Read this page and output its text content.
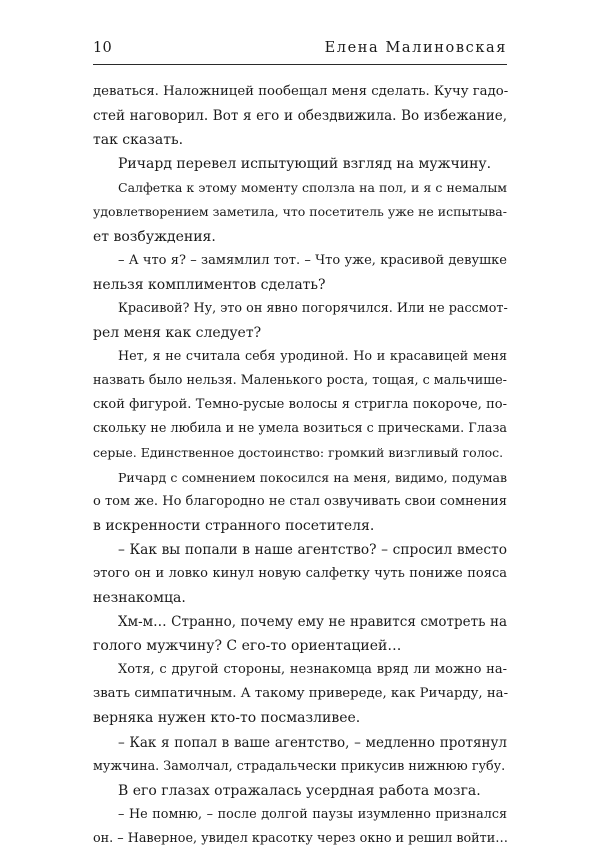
10	Елена Малиновская
деваться. Наложницей пообещал меня сделать. Кучу гадо-
стей наговорил. Вот я его и обездвижила. Во избежание,
так сказать.
Ричард перевел испытующий взгляд на мужчину.
Салфетка к этому моменту сползла на пол, и я с немалым
удовлетворением заметила, что посетитель уже не испытыва-
ет возбуждения.
– А что я? – замямлил тот. – Что уже, красивой девушке
нельзя комплиментов сделать?
Красивой? Ну, это он явно погорячился. Или не рассмот-
рел меня как следует?
Нет, я не считала себя уродиной. Но и красавицей меня
назвать было нельзя. Маленького роста, тощая, с мальчише-
ской фигурой. Темно-русые волосы я стригла покороче, по-
скольку не любила и не умела возиться с прическами. Глаза
серые. Единственное достоинство: громкий визгливый голос.
Ричард с сомнением покосился на меня, видимо, подумав
о том же. Но благородно не стал озвучивать свои сомнения
в искренности странного посетителя.
– Как вы попали в наше агентство? – спросил вместо
этого он и ловко кинул новую салфетку чуть пониже пояса
незнакомца.
Хм-м… Странно, почему ему не нравится смотреть на
голого мужчину? С его-то ориентацией…
Хотя, с другой стороны, незнакомца вряд ли можно на-
звать симпатичным. А такому привереде, как Ричарду, на-
верняка нужен кто-то посмазливее.
– Как я попал в ваше агентство, – медленно протянул
мужчина. Замолчал, страдальчески прикусив нижнюю губу.
В его глазах отражалась усердная работа мозга.
– Не помню, – после долгой паузы изумленно признался
он. – Наверное, увидел красотку через окно и решил войти…
